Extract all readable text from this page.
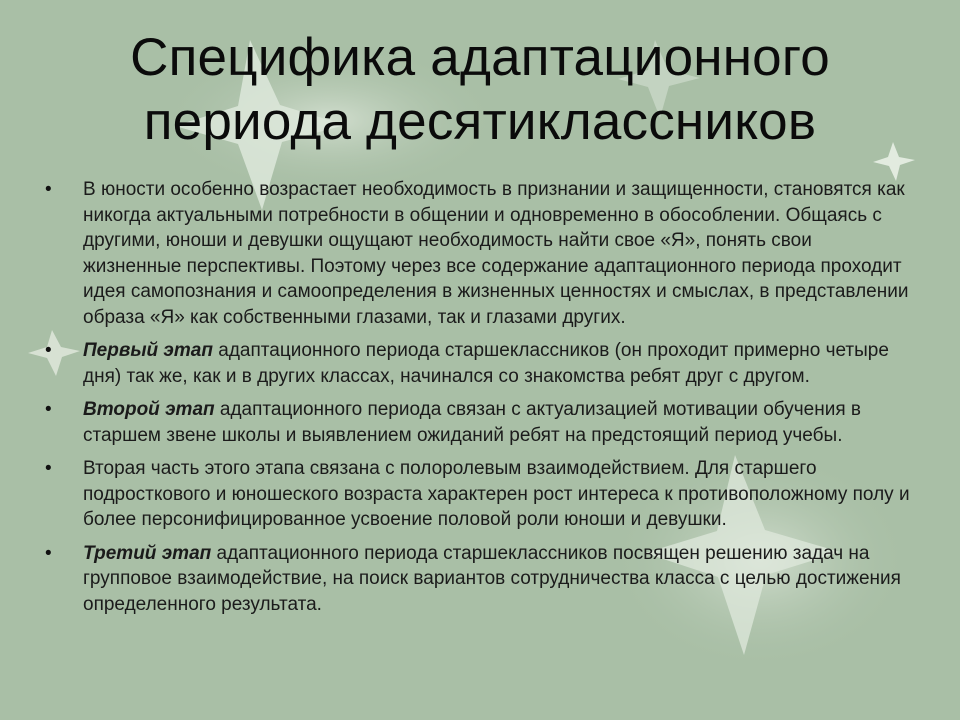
Специфика адаптационного
периода десятиклассников
•	В юности особенно возрастает необходимость в признании и защищенности, становятся как никогда актуальными потребности в общении и одновременно в обособлении. Общаясь с другими, юноши и девушки ощущают необходимость найти свое «Я», понять свои жизненные перспективы. Поэтому через все содержание адаптационного периода проходит идея самопознания и самоопределения в жизненных ценностях и смыслах, в представлении образа «Я» как собственными глазами, так и глазами других.
•	Первый этап адаптационного периода старшеклассников (он проходит примерно четыре дня) так же, как и в других классах, начинался со знакомства ребят друг с другом.
•	Второй этап адаптационного периода связан с актуализацией мотивации обучения в старшем звене школы и выявлением ожиданий ребят на предстоящий период учебы.
•	Вторая часть этого этапа связана с полоролевым взаимодействием. Для старшего подросткового и юношеского возраста характерен рост интереса к противоположному полу и более персонифицированное усвоение половой роли юноши и девушки.
•	Третий этап адаптационного периода старшеклассников посвящен решению задач на групповое взаимодействие, на поиск вариантов сотрудничества класса с целью достижения определенного результата.
